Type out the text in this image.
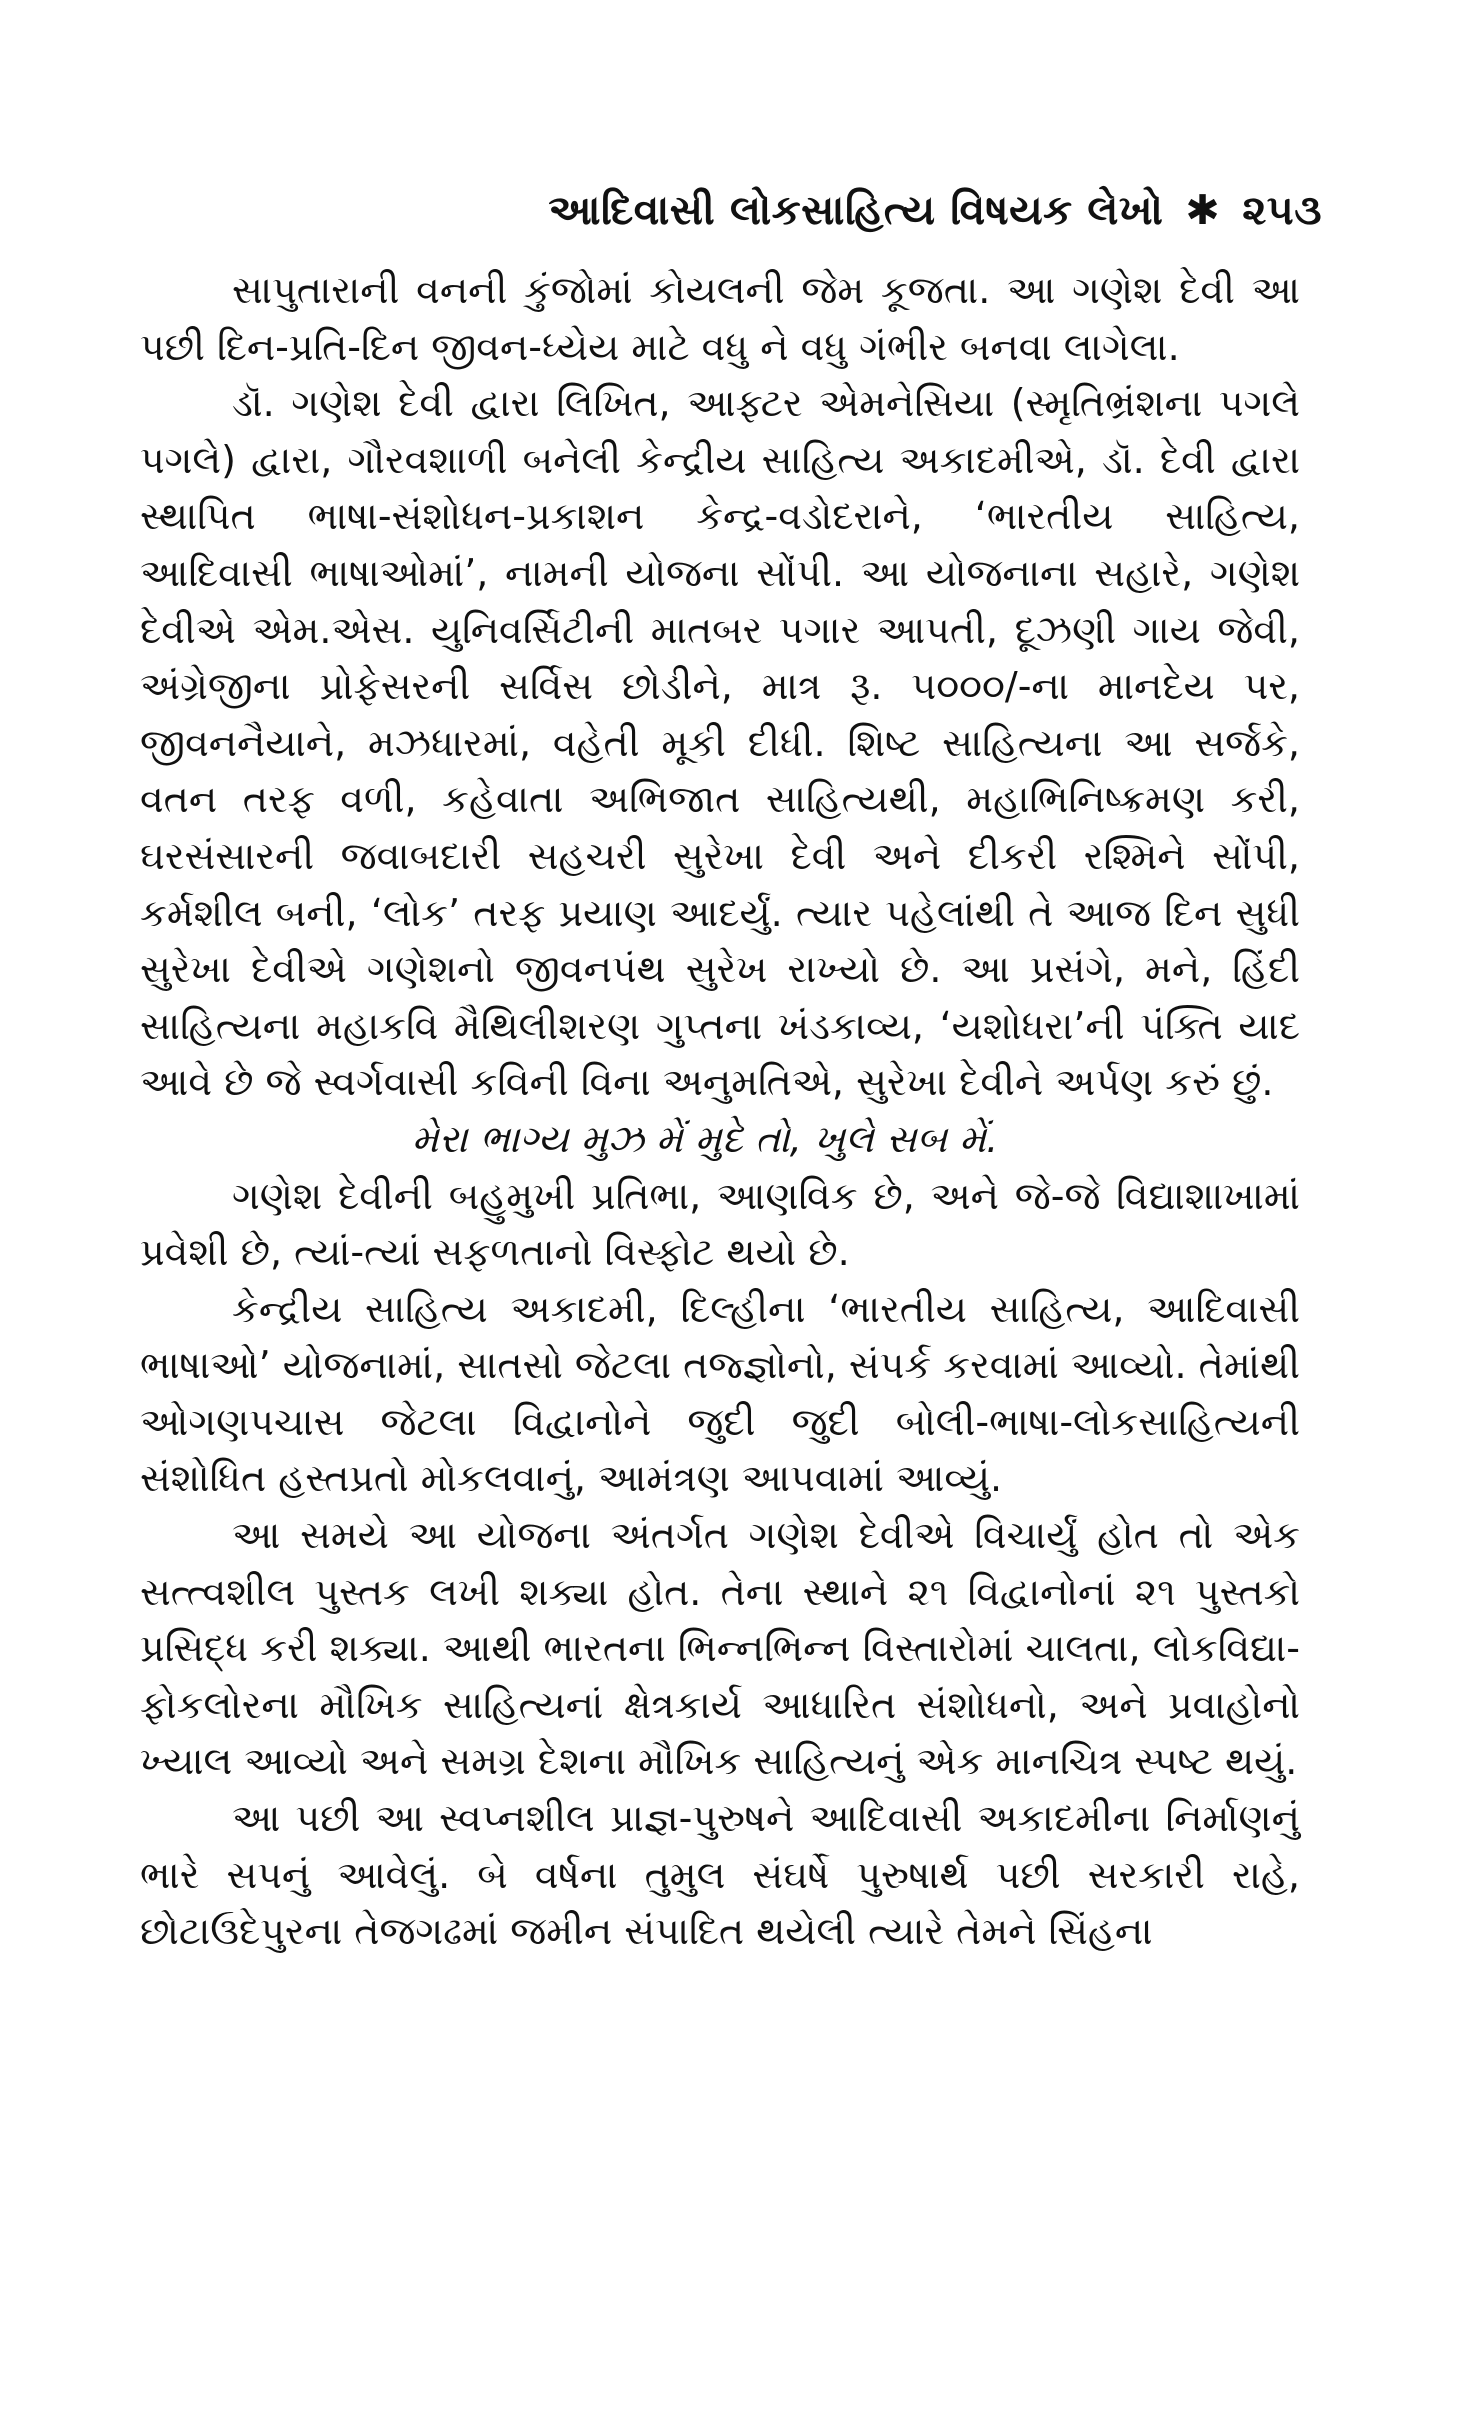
આદિવાસી લોકસાહિત્ય વિષયક લેખો ✱ ૨૫૩

સાપુતારાની વનની કુંજોમાં કોયલની જેમ કૂજતા. આ ગણેશ દેવી આ પછી દિન-પ્રતિ-દિન જીવન-ધ્યેય માટે વધુ ને વધુ ગંભીર બનવા લાગેલા.

ડૉ. ગણેશ દેવી દ્વારા લિખિત, આફ્ટર એમનેસિયા (સ્મૃતિભ્રંશના પગલે પગલે) દ્વારા, ગૌરવશાળી બનેલી કેન્દ્રીય સાહિત્ય અકાદમીએ, ડૉ. દેવી દ્વારા સ્થાપિત ભાષા-સંશોધન-પ્રકાશન કેન્દ્ર-વડોદરાને, ‘ભારતીય સાહિત્ય, આદિવાસી ભાષાઓમાં’, નામની યોજના સોંપી. આ યોજનાના સહારે, ગણેશ દેવીએ એમ.એસ. યુનિવર્સિટીની માતબર પગાર આપતી, દૂઝણી ગાય જેવી, અંગ્રેજીના પ્રોફેસરની સર્વિસ છોડીને, માત્ર રૂ. ૫૦૦૦/-ના માનદેય પર, જીવનનૈયાને, મઝધારમાં, વહેતી મૂકી દીધી. શિષ્ટ સાહિત્યના આ સર્જકે, વતન તરફ વળી, કહેવાતા અભિજાત સાહિત્યથી, મહાભિનિષ્ક્રમણ કરી, ઘરસંસારની જવાબદારી સહચરી સુરેખા દેવી અને દીકરી રશ્મિને સોંપી, કર્મશીલ બની, ‘લોક’ તરફ પ્રયાણ આદર્યું. ત્યાર પહેલાંથી તે આજ દિન સુધી સુરેખા દેવીએ ગણેશનો જીવનપંથ સુરેખ રાખ્યો છે. આ પ્રસંગે, મને, હિંદી સાહિત્યના મહાકવિ મૈથિલીશરણ ગુપ્તના ખંડકાવ્ય, ‘યશોધરા’ની પંક્તિ યાદ આવે છે જે સ્વર્ગવાસી કવિની વિના અનુમતિએ, સુરેખા દેવીને અર્પણ કરું છું.

મેરા ભાગ્ય મુઝ મેં મુદે તો, ખુલે સબ મેં.

ગણેશ દેવીની બહુમુખી પ્રતિભા, આણવિક છે, અને જે-જે વિદ્યાશાખામાં પ્રવેશી છે, ત્યાં-ત્યાં સફળતાનો વિસ્ફોટ થયો છે.

કેન્દ્રીય સાહિત્ય અકાદમી, દિલ્હીના ‘ભારતીય સાહિત્ય, આદિવાસી ભાષાઓ’ યોજનામાં, સાતસો જેટલા તજ્જ્ઞોનો, સંપર્ક કરવામાં આવ્યો. તેમાંથી ઓગણપચાસ જેટલા વિદ્વાનોને જુદી જુદી બોલી-ભાષા-લોકસાહિત્યની સંશોધિત હસ્તપ્રતો મોકલવાનું, આમંત્રણ આપવામાં આવ્યું.

આ સમયે આ યોજના અંતર્ગત ગણેશ દેવીએ વિચાર્યું હોત તો એક સત્ત્વશીલ પુસ્તક લખી શક્યા હોત. તેના સ્થાને ૨૧ વિદ્વાનોનાં ૨૧ પુસ્તકો પ્રસિદ્ધ કરી શક્યા. આથી ભારતના ભિન્નભિન્ન વિસ્તારોમાં ચાલતા, લોકવિદ્યા-ફોકલોરના મૌખિક સાહિત્યનાં ક્ષેત્રકાર્ય આધારિત સંશોધનો, અને પ્રવાહોનો ખ્યાલ આવ્યો અને સમગ્ર દેશના મૌખિક સાહિત્યનું એક માનચિત્ર સ્પષ્ટ થયું.

આ પછી આ સ્વપ્નશીલ પ્રાજ્ઞ-પુરુષને આદિવાસી અકાદમીના નિર્માણનું ભારે સપનું આવેલું. બે વર્ષના તુમુલ સંઘર્ષે પુરુષાર્થ પછી સરકારી રાહે, છોટાઉદેપુરના તેજગઢમાં જમીન સંપાદિત થયેલી ત્યારે તેમને સિંહના
